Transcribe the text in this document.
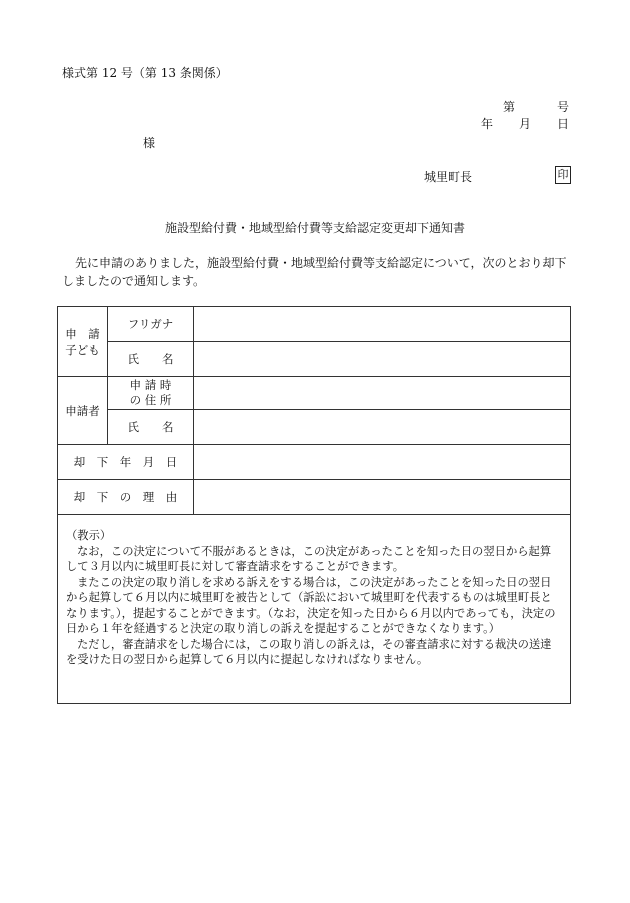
様式第 12 号（第 13 条関係）
第	号
年 月 日
様
城里町長	印
施設型給付費・地域型給付費等支給認定変更却下通知書
先に申請のありました，施設型給付費・地域型給付費等支給認定について，次のとおり却下しましたので通知します。
申　請
子ども	フリガナ	
	氏　　名	
申請者	申 請 時
の 住 所	
	氏　　名	
却　下　年　月　日		
却　下　の　理　由		

（教示）

なお，この決定について不服があるときは，この決定があったことを知った日の翌日から起算して３月以内に城里町長に対して審査請求をすることができます。

またこの決定の取り消しを求める訴えをする場合は，この決定があったことを知った日の翌日から起算して６月以内に城里町を被告として（訴訟において城里町を代表するものは城里町長となります。），提起することができます。（なお，決定を知った日から６月以内であっても，決定の日から１年を経過すると決定の取り消しの訴えを提起することができなくなります。）

ただし，審査請求をした場合には，この取り消しの訴えは，その審査請求に対する裁決の送達を受けた日の翌日から起算して６月以内に提起しなければなりません。
